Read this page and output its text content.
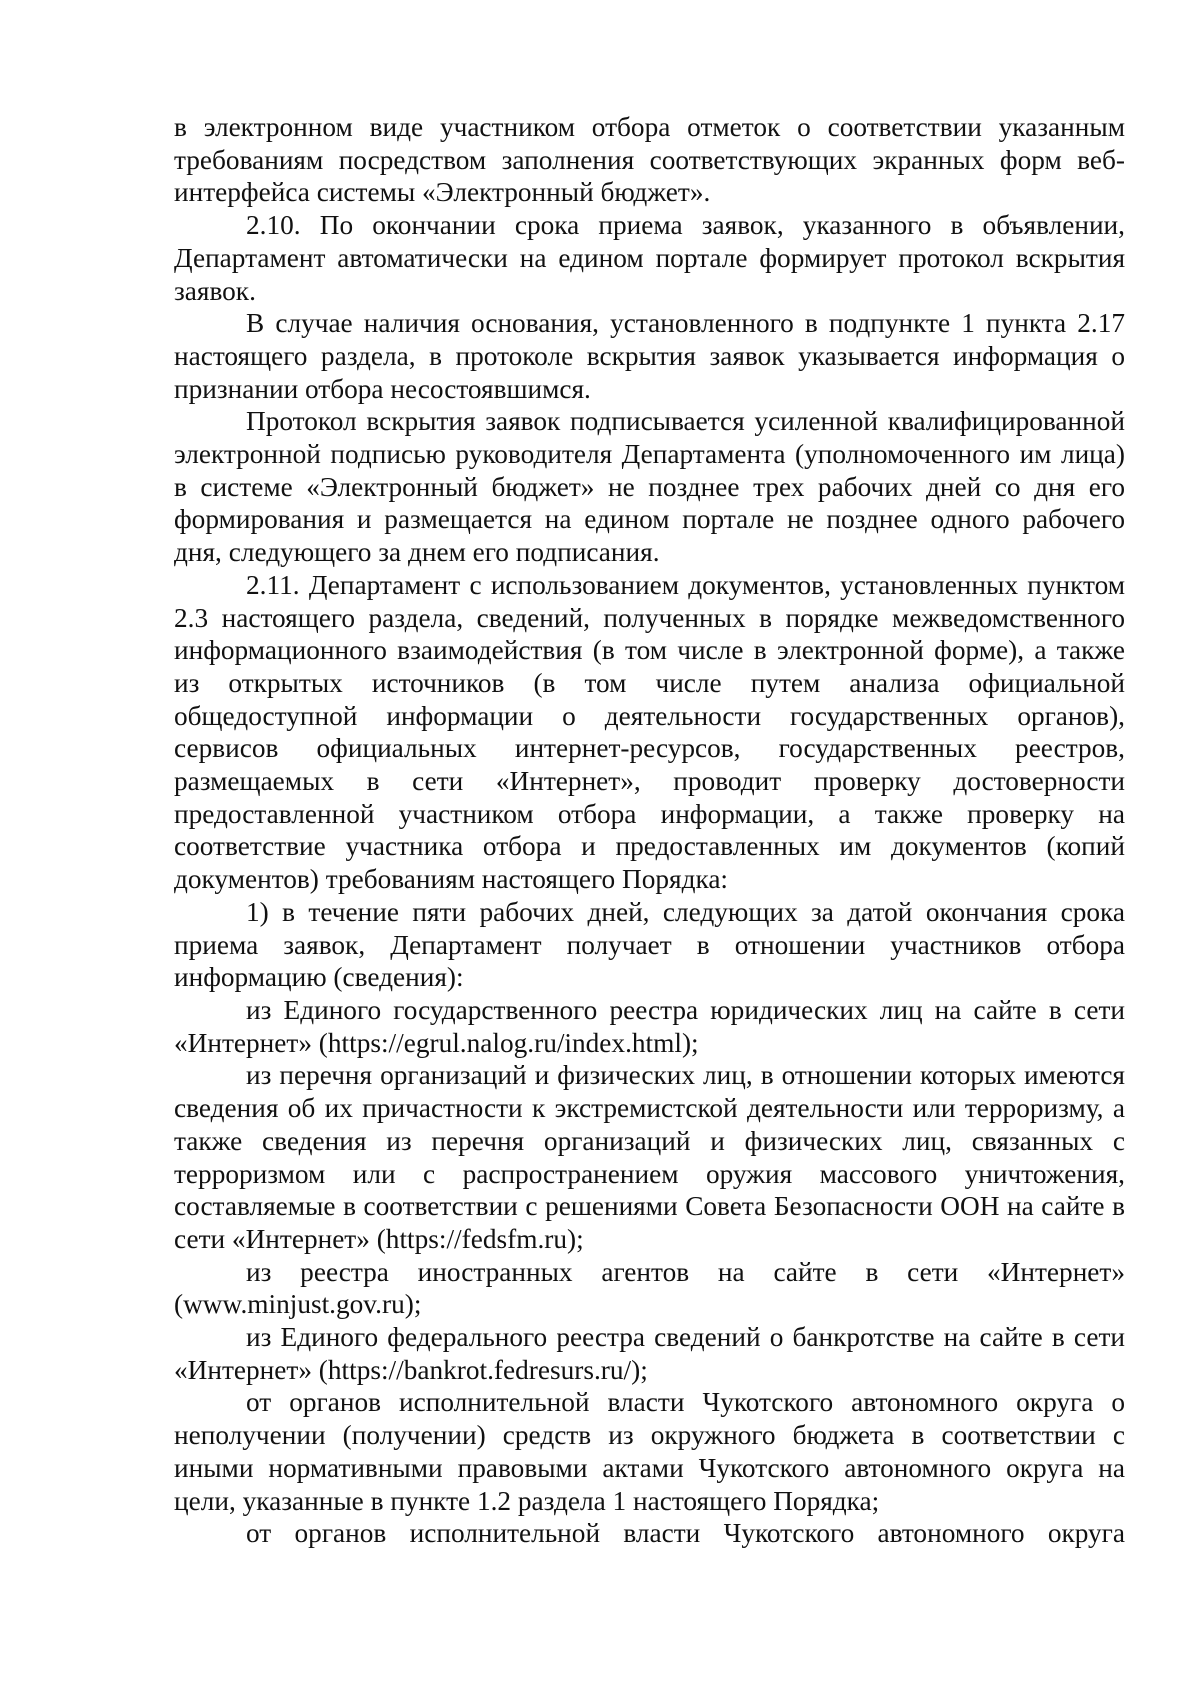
в электронном виде участником отбора отметок о соответствии указанным требованиям посредством заполнения соответствующих экранных форм веб-интерфейса системы «Электронный бюджет».

2.10. По окончании срока приема заявок, указанного в объявлении, Департамент автоматически на едином портале формирует протокол вскрытия заявок.

В случае наличия основания, установленного в подпункте 1 пункта 2.17 настоящего раздела, в протоколе вскрытия заявок указывается информация о признании отбора несостоявшимся.

Протокол вскрытия заявок подписывается усиленной квалифицированной электронной подписью руководителя Департамента (уполномоченного им лица) в системе «Электронный бюджет» не позднее трех рабочих дней со дня его формирования и размещается на едином портале не позднее одного рабочего дня, следующего за днем его подписания.

2.11. Департамент с использованием документов, установленных пунктом 2.3 настоящего раздела, сведений, полученных в порядке межведомственного информационного взаимодействия (в том числе в электронной форме), а также из открытых источников (в том числе путем анализа официальной общедоступной информации о деятельности государственных органов), сервисов официальных интернет-ресурсов, государственных реестров, размещаемых в сети «Интернет», проводит проверку достоверности предоставленной участником отбора информации, а также проверку на соответствие участника отбора и предоставленных им документов (копий документов) требованиям настоящего Порядка:

1) в течение пяти рабочих дней, следующих за датой окончания срока приема заявок, Департамент получает в отношении участников отбора информацию (сведения):

из Единого государственного реестра юридических лиц на сайте в сети «Интернет» (https://egrul.nalog.ru/index.html);

из перечня организаций и физических лиц, в отношении которых имеются сведения об их причастности к экстремистской деятельности или терроризму, а также сведения из перечня организаций и физических лиц, связанных с терроризмом или с распространением оружия массового уничтожения, составляемые в соответствии с решениями Совета Безопасности ООН на сайте в сети «Интернет» (https://fedsfm.ru);

из реестра иностранных агентов на сайте в сети «Интернет» (www.minjust.gov.ru);

из Единого федерального реестра сведений о банкротстве на сайте в сети «Интернет» (https://bankrot.fedresurs.ru/);

от органов исполнительной власти Чукотского автономного округа о неполучении (получении) средств из окружного бюджета в соответствии с иными нормативными правовыми актами Чукотского автономного округа на цели, указанные в пункте 1.2 раздела 1 настоящего Порядка;

от органов исполнительной власти Чукотского автономного округа
